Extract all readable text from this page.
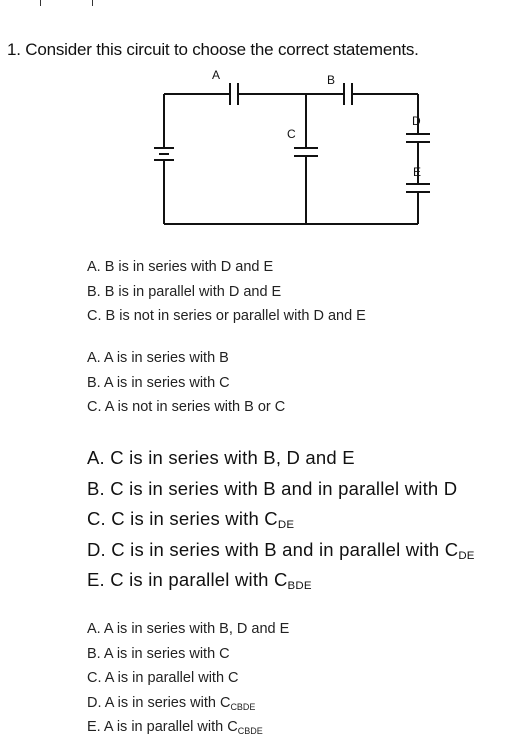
1. Consider this circuit to choose the correct statements.
A	B
C
D
E
A. B is in series with D and E
B. B is in parallel with D and E
C. B is not in series or parallel with D and E
A. A is in series with B
B. A is in series with C
C. A is not in series with B or C
A. C is in series with B, D and E
B. C is in series with B and in parallel with D
C. C is in series with $C_{DE}$
D. C is in series with B and in parallel with $C_{DE}$
E. C is in parallel with $C_{BDE}$
A. A is in series with B, D and E
B. A is in series with C
C. A is in parallel with C
D. A is in series with $C_{CBDE}$
E. A is in parallel with $C_{CBDE}$
